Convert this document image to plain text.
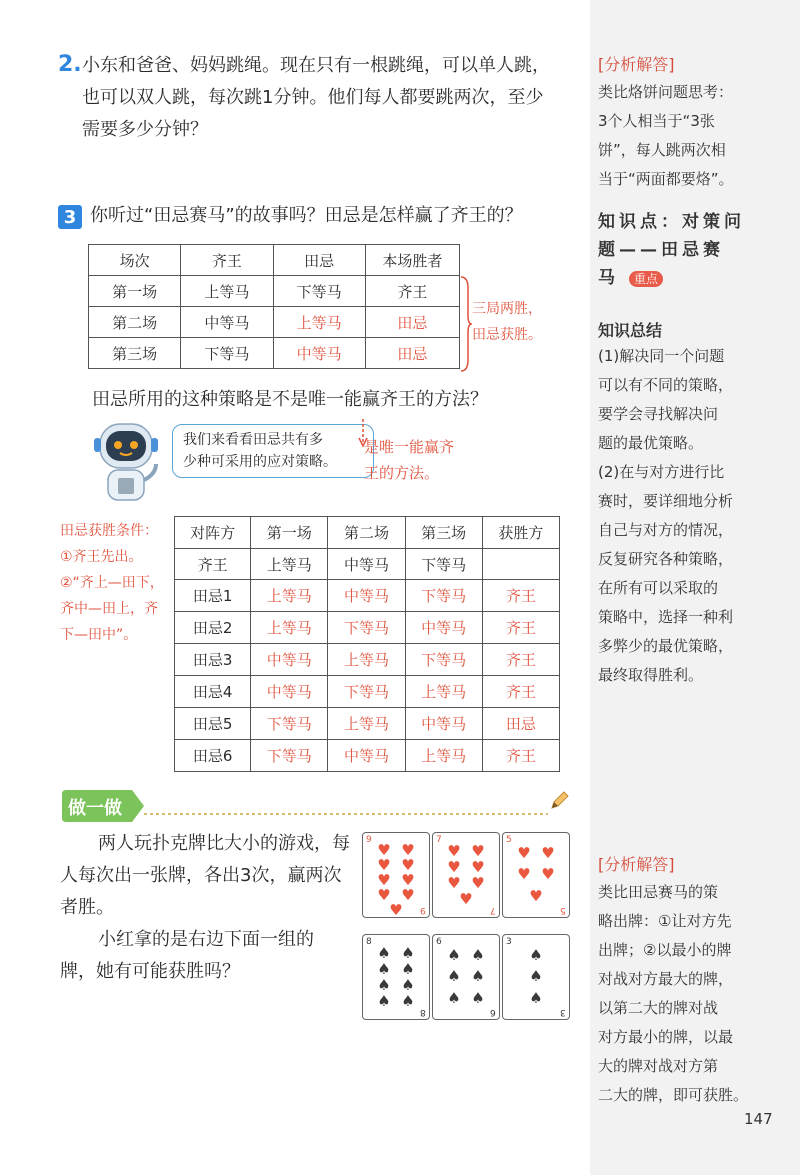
2. 小东和爸爸、妈妈跳绳。现在只有一根跳绳，可以单人跳，
也可以双人跳，每次跳1分钟。他们每人都要跳两次，至少
需要多少分钟？
[分析解答]
类比烙饼问题思考：
3个人相当于“3张
饼”，每人跳两次相
当于“两面都要烙”。
知识点：对策问
题——田忌赛
马 重点
知识总结
(1)解决同一个问题
可以有不同的策略，
要学会寻找解决问
题的最优策略。
(2)在与对方进行比
赛时，要详细地分析
自己与对方的情况，
反复研究各种策略，
在所有可以采取的
策略中，选择一种利
多弊少的最优策略，
最终取得胜利。
3 你听过“田忌赛马”的故事吗？田忌是怎样赢了齐王的？
场次	齐王	田忌	本场胜者
第一场	上等马	下等马	齐王
第二场	中等马	上等马	田忌
第三场	下等马	中等马	田忌
三局两胜，
田忌获胜。
田忌所用的这种策略是不是唯一能赢齐王的方法？
我们来看看田忌共有多
少种可采用的应对策略。
是唯一能赢齐
王的方法。
田忌获胜条件：
①齐王先出。
②“齐上—田下，
齐中—田上，齐
下—田中”。
对阵方	第一场	第二场	第三场	获胜方
齐王	上等马	中等马	下等马	
田忌1	上等马	中等马	下等马	齐王
田忌2	上等马	下等马	中等马	齐王
田忌3	中等马	上等马	下等马	齐王
田忌4	中等马	下等马	上等马	齐王
田忌5	下等马	上等马	中等马	田忌
田忌6	下等马	中等马	上等马	齐王
做一做
两人玩扑克牌比大小的游戏，每
人每次出一张牌，各出3次，赢两次
者胜。
小红拿的是右边下面一组的
牌，她有可能获胜吗？
9
♥ ♥
♥ ♥
♥ ♥
♥ ♥
♥ 9
7
♥ ♥
♥ ♥
♥ ♥
♥
7
5
♥ ♥
♥ ♥
♥
5
8
♠ ♠
♠ ♠
♠ ♠
♠ ♠
8
6
♠ ♠
♠ ♠
♠ ♠
6
3
♠
♠
♠
3
[分析解答]
类比田忌赛马的策
略出牌：①让对方先
出牌；②以最小的牌
对战对方最大的牌，
以第二大的牌对战
对方最小的牌，以最
大的牌对战对方第
二大的牌，即可获胜。
147
